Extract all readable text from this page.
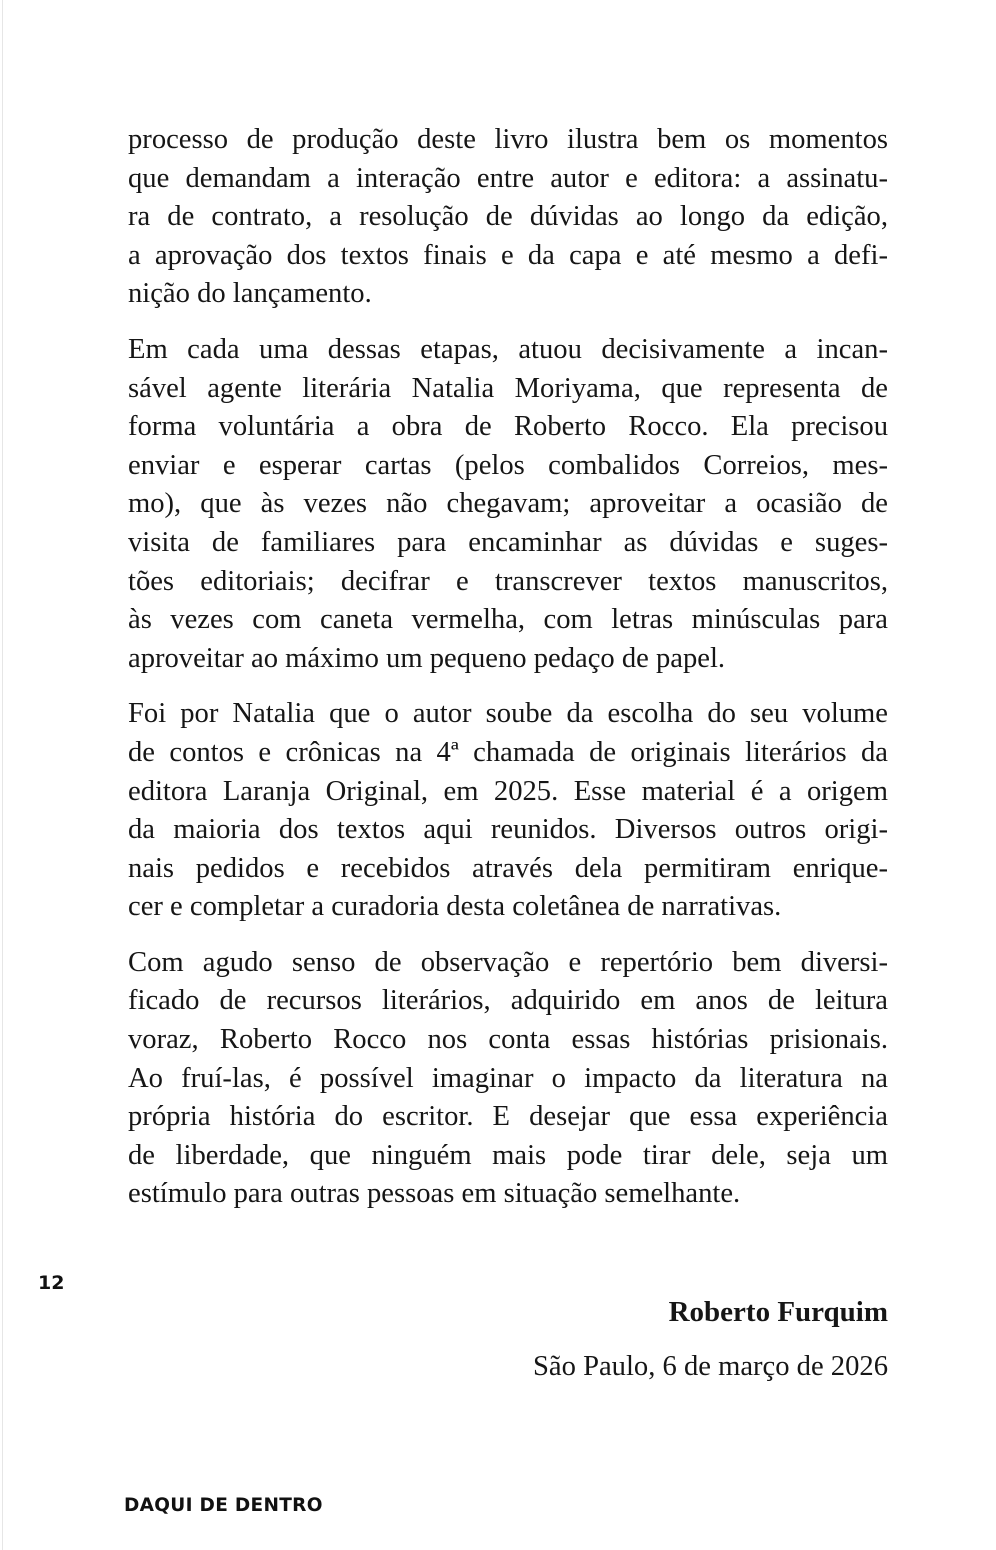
processo de produção deste livro ilustra bem os momentos
que demandam a interação entre autor e editora: a assinatu-
ra de contrato, a resolução de dúvidas ao longo da edição,
a aprovação dos textos finais e da capa e até mesmo a defi-
nição do lançamento.
Em cada uma dessas etapas, atuou decisivamente a incan-
sável agente literária Natalia Moriyama, que representa de
forma voluntária a obra de Roberto Rocco. Ela precisou
enviar e esperar cartas (pelos combalidos Correios, mes-
mo), que às vezes não chegavam; aproveitar a ocasião de
visita de familiares para encaminhar as dúvidas e suges-
tões editoriais; decifrar e transcrever textos manuscritos,
às vezes com caneta vermelha, com letras minúsculas para
aproveitar ao máximo um pequeno pedaço de papel.
Foi por Natalia que o autor soube da escolha do seu volume
de contos e crônicas na 4ª chamada de originais literários da
editora Laranja Original, em 2025. Esse material é a origem
da maioria dos textos aqui reunidos. Diversos outros origi-
nais pedidos e recebidos através dela permitiram enrique-
cer e completar a curadoria desta coletânea de narrativas.
Com agudo senso de observação e repertório bem diversi-
ficado de recursos literários, adquirido em anos de leitura
voraz, Roberto Rocco nos conta essas histórias prisionais.
Ao fruí-las, é possível imaginar o impacto da literatura na
própria história do escritor. E desejar que essa experiência
de liberdade, que ninguém mais pode tirar dele, seja um
estímulo para outras pessoas em situação semelhante.
12
Roberto Furquim
São Paulo, 6 de março de 2026
DAQUI DE DENTRO
